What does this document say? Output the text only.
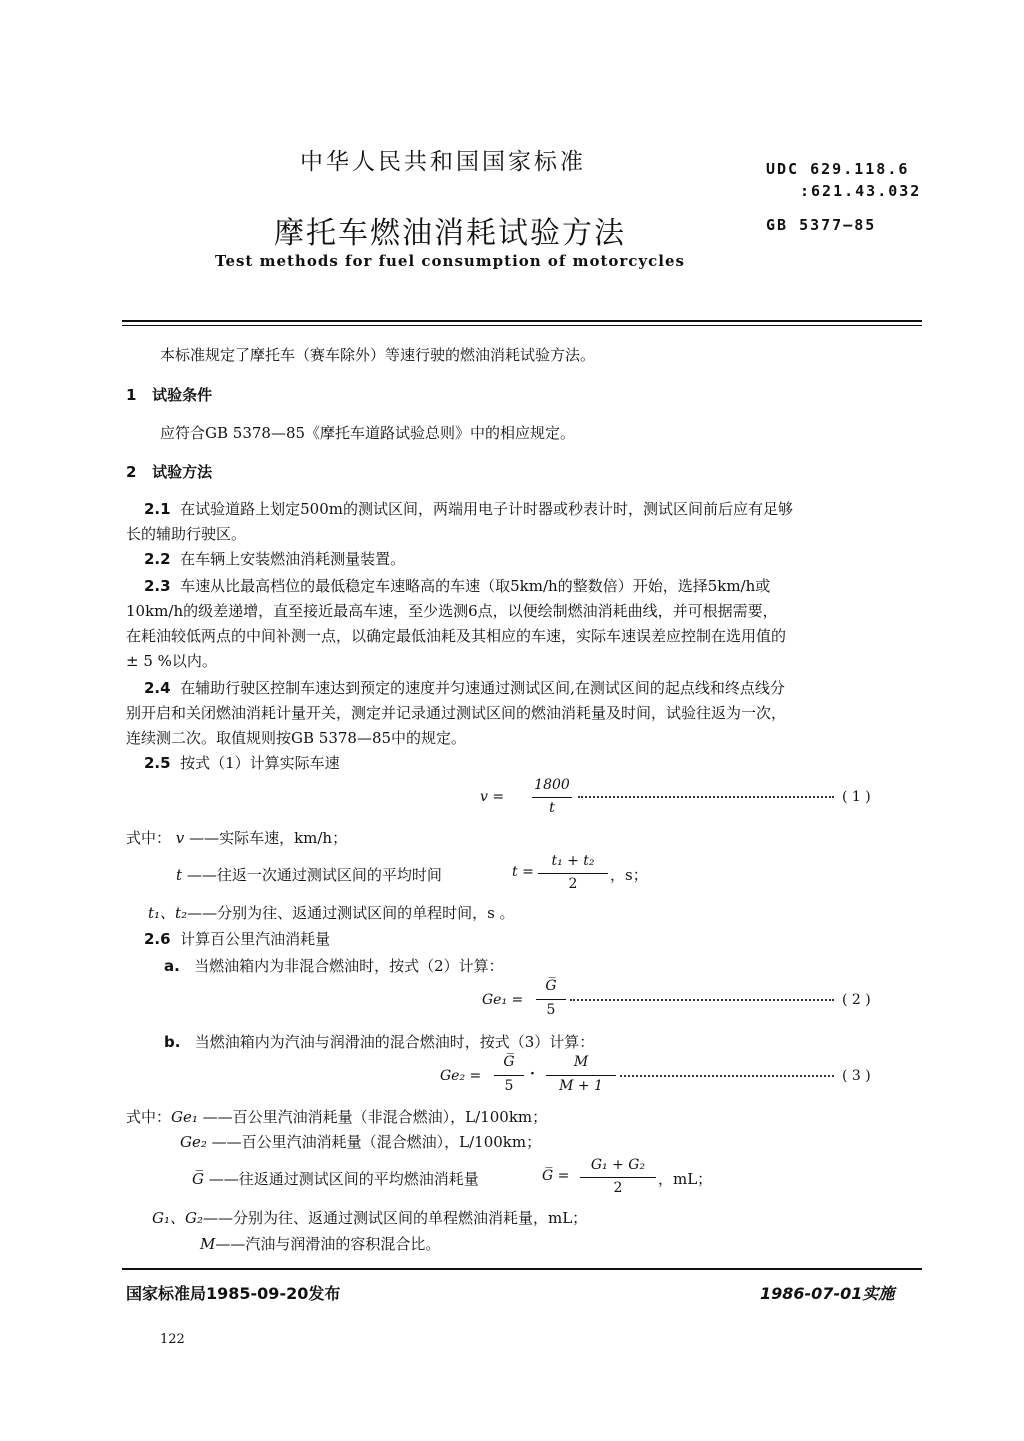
中华人民共和国国家标准	UDC 629.118.6
:621.43.032
摩托车燃油消耗试验方法	GB 5377—85
Test methods for fuel consumption of motorcycles
本标准规定了摩托车（赛车除外）等速行驶的燃油消耗试验方法。
1 试验条件
应符合GB 5378—85《摩托车道路试验总则》中的相应规定。
2 试验方法
2.1 在试验道路上划定500m的测试区间，两端用电子计时器或秒表计时，测试区间前后应有足够
长的辅助行驶区。
2.2 在车辆上安装燃油消耗测量装置。
2.3 车速从比最高档位的最低稳定车速略高的车速（取5km/h的整数倍）开始，选择5km/h或
10km/h的级差递增，直至接近最高车速，至少选测6点，以便绘制燃油消耗曲线，并可根据需要，
在耗油较低两点的中间补测一点，以确定最低油耗及其相应的车速，实际车速误差应控制在选用值的
± 5 %以内。
2.4 在辅助行驶区控制车速达到预定的速度并匀速通过测试区间,在测试区间的起点线和终点线分
别开启和关闭燃油消耗计量开关，测定并记录通过测试区间的燃油消耗量及时间，试验往返为一次，
连续测二次。取值规则按GB 5378—85中的规定。
2.5 按式（1）计算实际车速
v =
1800
t
( 1 )
式中： v ——实际车速，km/h；
t ——往返一次通过测试区间的平均时间	t =
t₁ + t₂
2	，s；
t₁、t₂——分别为往、返通过测试区间的单程时间，s 。
2.6 计算百公里汽油消耗量
a. 当燃油箱内为非混合燃油时，按式（2）计算：
Ge₁ =
G̅
5
( 2 )
b. 当燃油箱内为汽油与润滑油的混合燃油时，按式（3）计算：
Ge₂ =
G̅
5
·
M
M + 1
( 3 )
式中：Ge₁ ——百公里汽油消耗量（非混合燃油），L/100km；
Ge₂ ——百公里汽油消耗量（混合燃油），L/100km；
G̅ ——往返通过测试区间的平均燃油消耗量	G̅ =
G₁ + G₂
2	，mL；
G₁、G₂——分别为往、返通过测试区间的单程燃油消耗量，mL；
M——汽油与润滑油的容积混合比。
国家标准局1985-09-20发布	1986-07-01实施
122
